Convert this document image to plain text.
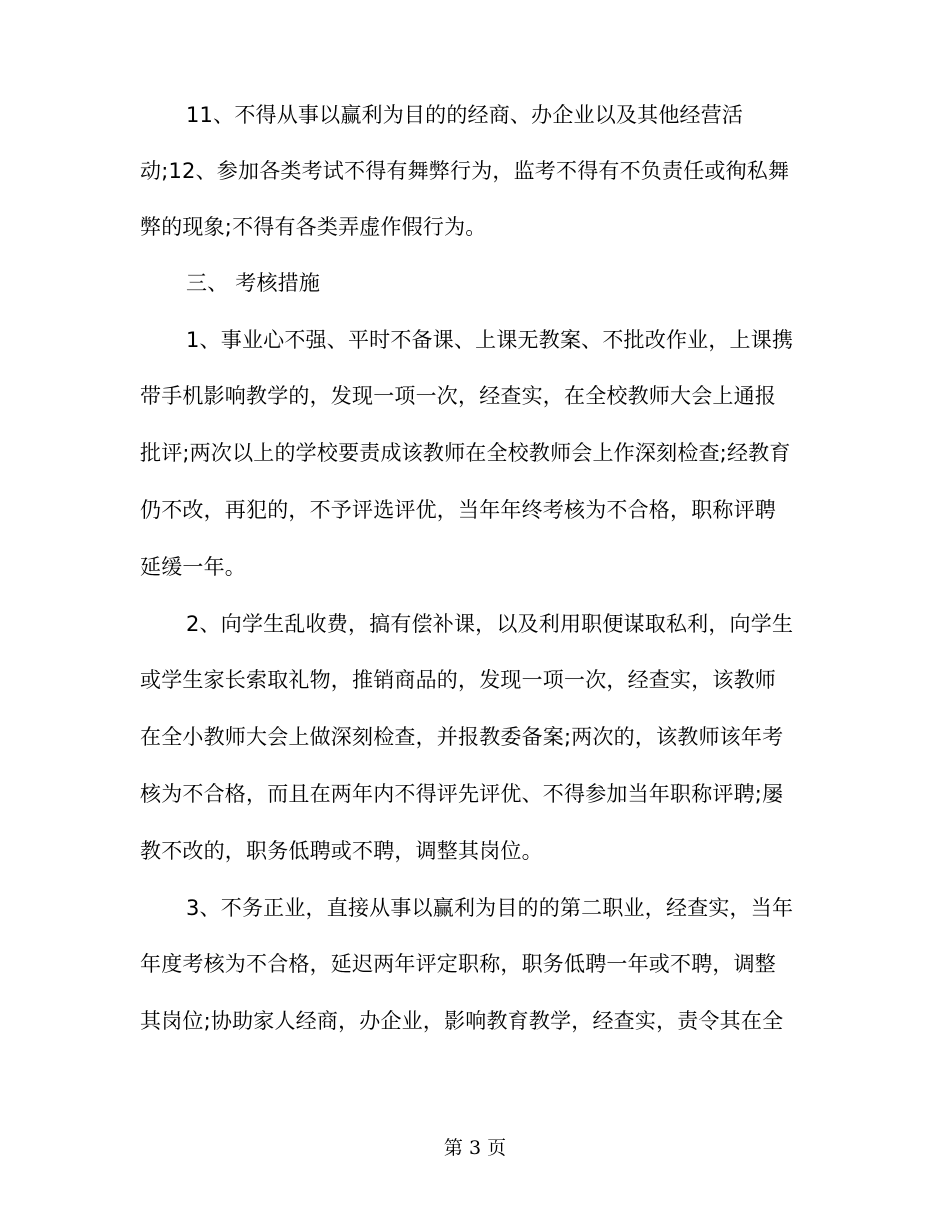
11、不得从事以赢利为目的的经商、办企业以及其他经营活
动;12、参加各类考试不得有舞弊行为，监考不得有不负责任或徇私舞
弊的现象;不得有各类弄虚作假行为。
三、 考核措施
1、事业心不强、平时不备课、上课无教案、不批改作业，上课携
带手机影响教学的，发现一项一次，经查实，在全校教师大会上通报
批评;两次以上的学校要责成该教师在全校教师会上作深刻检查;经教育
仍不改，再犯的，不予评选评优，当年年终考核为不合格，职称评聘
延缓一年。
2、向学生乱收费，搞有偿补课，以及利用职便谋取私利，向学生
或学生家长索取礼物，推销商品的，发现一项一次，经查实，该教师
在全小教师大会上做深刻检查，并报教委备案;两次的，该教师该年考
核为不合格，而且在两年内不得评先评优、不得参加当年职称评聘;屡
教不改的，职务低聘或不聘，调整其岗位。
3、不务正业，直接从事以赢利为目的的第二职业，经查实，当年
年度考核为不合格，延迟两年评定职称，职务低聘一年或不聘，调整
其岗位;协助家人经商，办企业，影响教育教学，经查实，责令其在全
第 3 页
